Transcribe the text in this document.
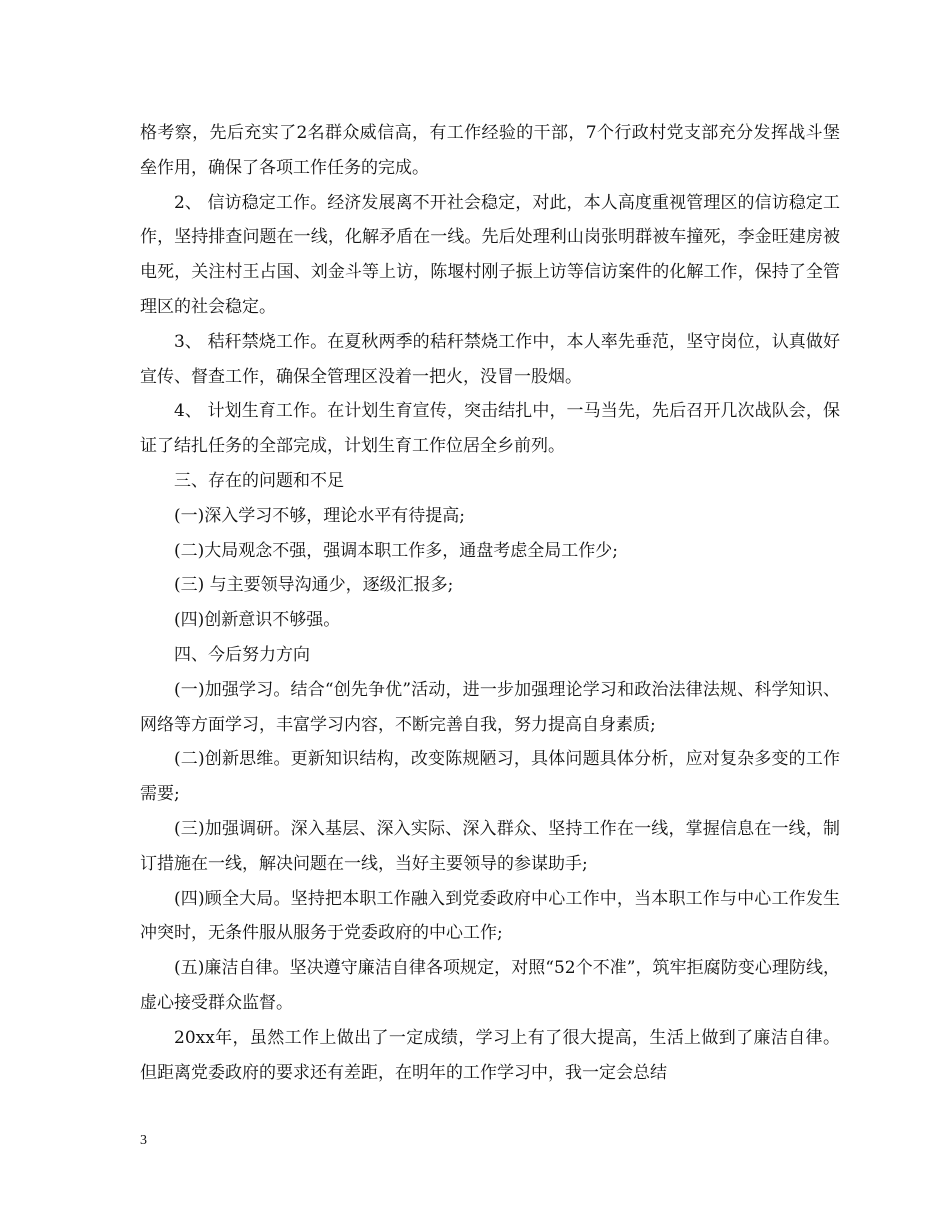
格考察，先后充实了2名群众威信高，有工作经验的干部，7个行政村党支部充分发挥战斗堡垒作用，确保了各项工作任务的完成。

2、 信访稳定工作。经济发展离不开社会稳定，对此，本人高度重视管理区的信访稳定工作，坚持排查问题在一线，化解矛盾在一线。先后处理利山岗张明群被车撞死，李金旺建房被电死，关注村王占国、刘金斗等上访，陈堰村刚子振上访等信访案件的化解工作，保持了全管理区的社会稳定。

3、 秸秆禁烧工作。在夏秋两季的秸秆禁烧工作中，本人率先垂范，坚守岗位，认真做好宣传、督查工作，确保全管理区没着一把火，没冒一股烟。

4、 计划生育工作。在计划生育宣传，突击结扎中，一马当先，先后召开几次战队会，保证了结扎任务的全部完成，计划生育工作位居全乡前列。

三、存在的问题和不足

(一)深入学习不够，理论水平有待提高;

(二)大局观念不强，强调本职工作多，通盘考虑全局工作少;

(三) 与主要领导沟通少，逐级汇报多;

(四)创新意识不够强。

四、今后努力方向

(一)加强学习。结合“创先争优”活动，进一步加强理论学习和政治法律法规、科学知识、网络等方面学习，丰富学习内容，不断完善自我，努力提高自身素质;

(二)创新思维。更新知识结构，改变陈规陋习，具体问题具体分析，应对复杂多变的工作需要;

(三)加强调研。深入基层、深入实际、深入群众、坚持工作在一线，掌握信息在一线，制订措施在一线，解决问题在一线，当好主要领导的参谋助手;

(四)顾全大局。坚持把本职工作融入到党委政府中心工作中，当本职工作与中心工作发生冲突时，无条件服从服务于党委政府的中心工作;

(五)廉洁自律。坚决遵守廉洁自律各项规定，对照“52个不准”，筑牢拒腐防变心理防线，虚心接受群众监督。

20xx年，虽然工作上做出了一定成绩，学习上有了很大提高，生活上做到了廉洁自律。但距离党委政府的要求还有差距，在明年的工作学习中，我一定会总结

3
